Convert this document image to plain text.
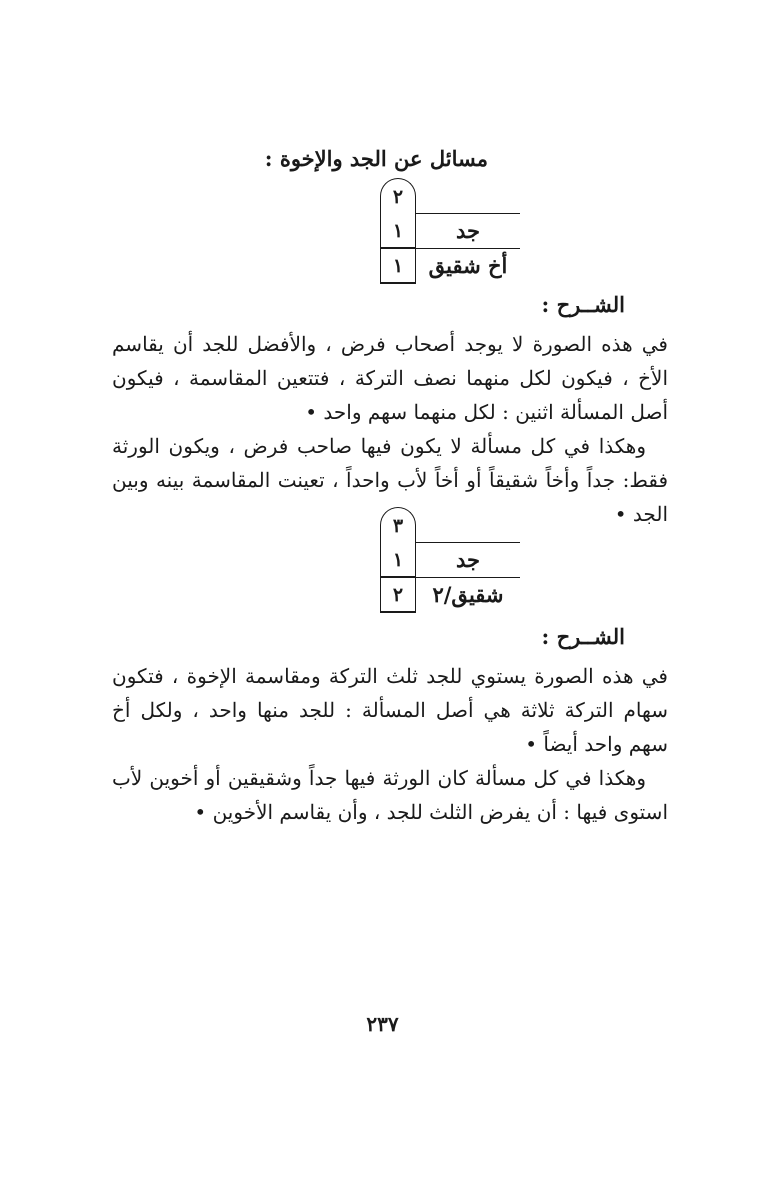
مسائل عن الجد والإخوة :
٢
١	جد
١	أخ شقيق
الشــرح :

في هذه الصورة لا يوجد أصحاب فرض ، والأفضل للجد أن يقاسم الأخ ، فيكون لكل منهما نصف التركة ، فتتعين المقاسمة ، فيكون أصل المسألة اثنين : لكل منهما سهم واحد •

وهكذا في كل مسألة لا يكون فيها صاحب فرض ، ويكون الورثة فقط: جداً وأخاً شقيقاً أو أخاً لأب واحداً ، تعينت المقاسمة بينه وبين الجد •

٣
١	جد
٢	شقيق/٢
الشــرح :

في هذه الصورة يستوي للجد ثلث التركة ومقاسمة الإخوة ، فتكون سهام التركة ثلاثة هي أصل المسألة : للجد منها واحد ، ولكل أخ سهم واحد أيضاً •

وهكذا في كل مسألة كان الورثة فيها جداً وشقيقين أو أخوين لأب استوى فيها : أن يفرض الثلث للجد ، وأن يقاسم الأخوين •

٢٣٧
